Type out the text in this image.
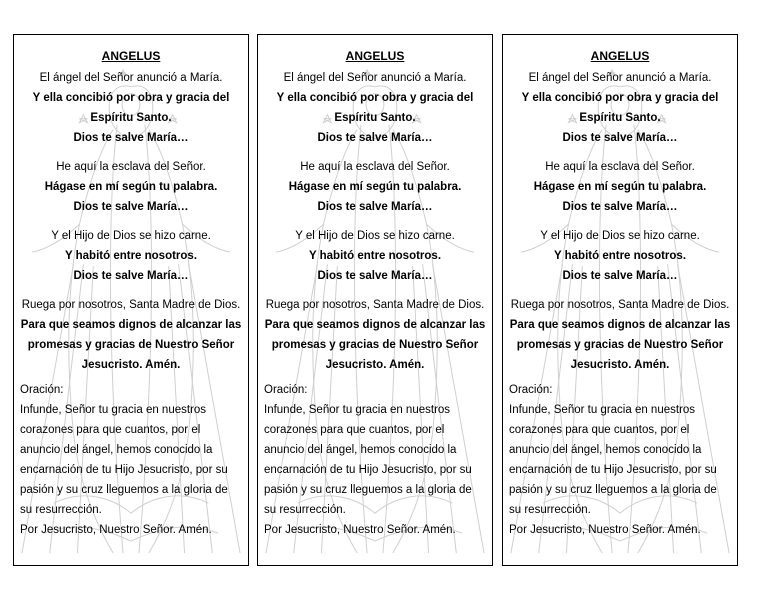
ANGELUS

El ángel del Señor anunció a María.

Y ella concibió por obra y gracia del Espíritu Santo.

Dios te salve María…

He aquí la esclava del Señor.

Hágase en mí según tu palabra.

Dios te salve María…

Y el Hijo de Dios se hizo carne.

Y habitó entre nosotros.

Dios te salve María…

Ruega por nosotros, Santa Madre de Dios.

Para que seamos dignos de alcanzar las promesas y gracias de Nuestro Señor Jesucristo. Amén.

Oración:

Infunde, Señor tu gracia en nuestros corazones para que cuantos, por el anuncio del ángel, hemos conocido la encarnación de tu Hijo Jesucristo, por su pasión y su cruz lleguemos a la gloria de su resurrección.

Por Jesucristo, Nuestro Señor. Amén.

ANGELUS

El ángel del Señor anunció a María.

Y ella concibió por obra y gracia del Espíritu Santo.

Dios te salve María…

He aquí la esclava del Señor.

Hágase en mí según tu palabra.

Dios te salve María…

Y el Hijo de Dios se hizo carne.

Y habitó entre nosotros.

Dios te salve María…

Ruega por nosotros, Santa Madre de Dios.

Para que seamos dignos de alcanzar las promesas y gracias de Nuestro Señor Jesucristo. Amén.

Oración:

Infunde, Señor tu gracia en nuestros corazones para que cuantos, por el anuncio del ángel, hemos conocido la encarnación de tu Hijo Jesucristo, por su pasión y su cruz lleguemos a la gloria de su resurrección.

Por Jesucristo, Nuestro Señor. Amén.

ANGELUS

El ángel del Señor anunció a María.

Y ella concibió por obra y gracia del Espíritu Santo.

Dios te salve María…

He aquí la esclava del Señor.

Hágase en mí según tu palabra.

Dios te salve María…

Y el Hijo de Dios se hizo carne.

Y habitó entre nosotros.

Dios te salve María…

Ruega por nosotros, Santa Madre de Dios.

Para que seamos dignos de alcanzar las promesas y gracias de Nuestro Señor Jesucristo. Amén.

Oración:

Infunde, Señor tu gracia en nuestros corazones para que cuantos, por el anuncio del ángel, hemos conocido la encarnación de tu Hijo Jesucristo, por su pasión y su cruz lleguemos a la gloria de su resurrección.

Por Jesucristo, Nuestro Señor. Amén.
